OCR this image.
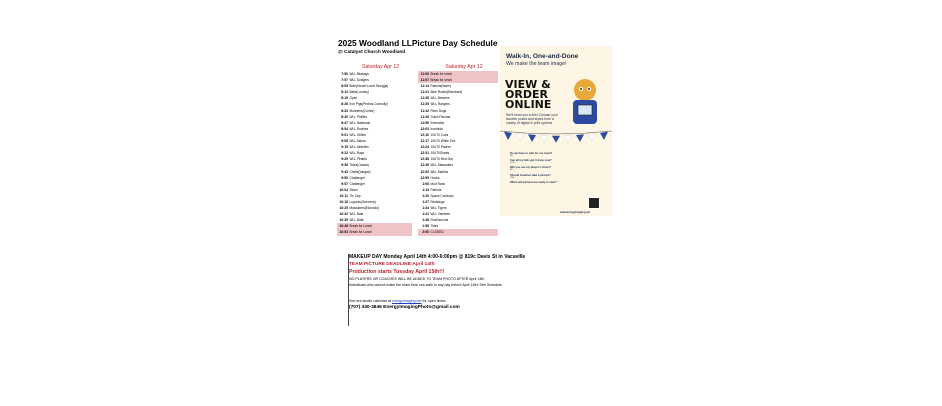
2025 Woodland LLPicture Day Schedule
@ Catalyst Church Woodland
Saturday Apr 12
7:50 WLL Bluejays
7:57 WLL Dodgers
8:05 Bufu(Hower's and Sinuggs)
8:12 Ballz(Looney)
8:19 Open
8:26 Iron Pigs(Pedros-Connolly)
8:33 Mudhens(Currier)
8:40 WLL Phillies
8:47 WLL Nationals
8:54 WLL Rockies
9:01 WLL Orilles
9:08 WLL Astros
9:15 WLL Athletics
9:22 WLL Rays
9:29 WLL Pirates
9:36 Tides(Ocasio)
9:43 Chiefs(Vargas)
9:50 Challenger
9:57 Challenger
10:04 Storm
10:11 Tin Cap
10:18 Lugnuts(Guerrera)
10:25 Marauders(Elizondo)
10:32 WLL Bats
10:39 WLL Bulls
10:46 Break for Lunch
10:53 Break for Lunch
Saturday Apr 12
11:00 Break for lunch
11:07 Break for lunch
11:14 Patriots(Ware)
11:21 Blue Rocks(Eisenhart)
11:28 WLL Brewers
11:35 WLL Rangers
11:42 River Dogs
11:49 Trash Pandas
11:56 Emeralds
12:03 Ironbirds
12:10 10U70 Cubs
12:17 10U70 White Sox
12:24 10U70 Padres
12:31 10U70Giants
12:38 10U70 Red Sox
12:45 WLL Marauders
12:52 WLL Marlins
12:59 Hooks
1:06 Mud Rods
1:13 Patriots
1:20 Space Cowboys
1:27 Redwings
1:34 WLL Tigers
1:41 WLL Yankees
1:48 Rockhounds
1:55 Tides
2:00 CLOSED
Walk-In, One-and-Done
We make the team image!
VIEW &
ORDER
ONLINE
We'll send you a link! Choose your favorite poses and styles from a variety of digital & print options.
Do we have to wait for our team?
NO
Can all my kids get it done now?
YES
Will you see my player's shoes?
NO
Should Coaches take a picture?
YES
When will pictures be ready to view?
www.EnergyImaging.net
MAKEUP DAY Monday April 14th 4:00-6:00pm @ 819c Davis St in Vacaville
TEAM PICTURE DEADLINE:April 14th
Production starts Tuesday April 15th!!!
NO PLAYERS OR COACHES WILL BE ADDED TO TEAM PHOTO AFTER April 14th
Individuals who cannot make the team time can walk in any day before April 14th! See Schedule
See are studio calendar at energyimaging.net for open times.
(707) 340-3846 EnergyImagingPhoto@gmail.com
